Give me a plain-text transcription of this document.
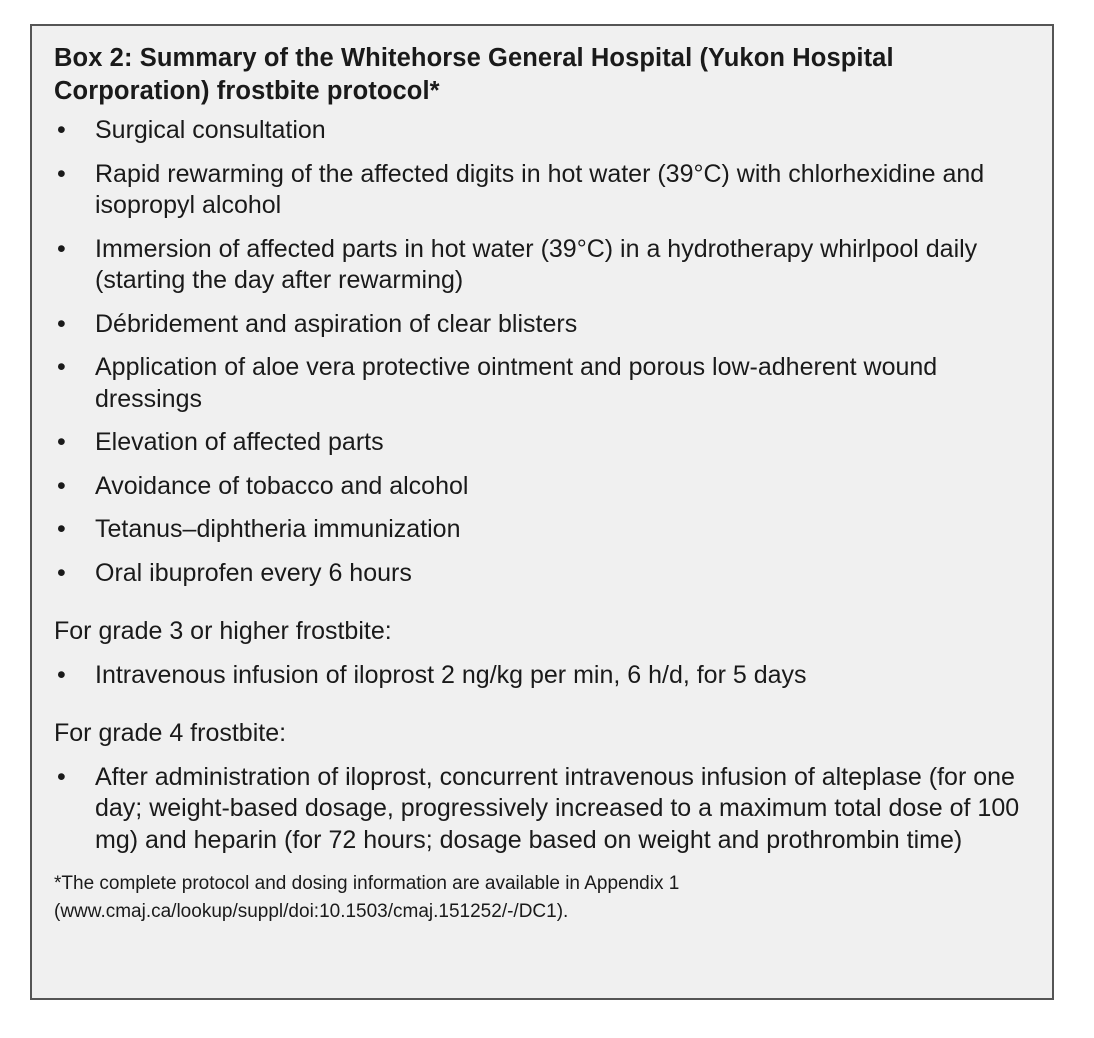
Box 2: Summary of the Whitehorse General Hospital (Yukon Hospital Corporation) frostbite protocol*
•	Surgical consultation
•	Rapid rewarming of the affected digits in hot water (39°C) with chlorhexidine and isopropyl alcohol
•	Immersion of affected parts in hot water (39°C) in a hydrotherapy whirlpool daily (starting the day after rewarming)
•	Débridement and aspiration of clear blisters
•	Application of aloe vera protective ointment and porous low-adherent wound dressings
•	Elevation of affected parts
•	Avoidance of tobacco and alcohol
•	Tetanus–diphtheria immunization
•	Oral ibuprofen every 6 hours
For grade 3 or higher frostbite:
•	Intravenous infusion of iloprost 2 ng/kg per min, 6 h/d, for 5 days
For grade 4 frostbite:
•	After administration of iloprost, concurrent intravenous infusion of alteplase (for one day; weight-based dosage, progressively increased to a maximum total dose of 100 mg) and heparin (for 72 hours; dosage based on weight and prothrombin time)
*The complete protocol and dosing information are available in Appendix 1 (www.cmaj.ca/lookup/suppl/doi:10.1503/cmaj.151252/-/DC1).
